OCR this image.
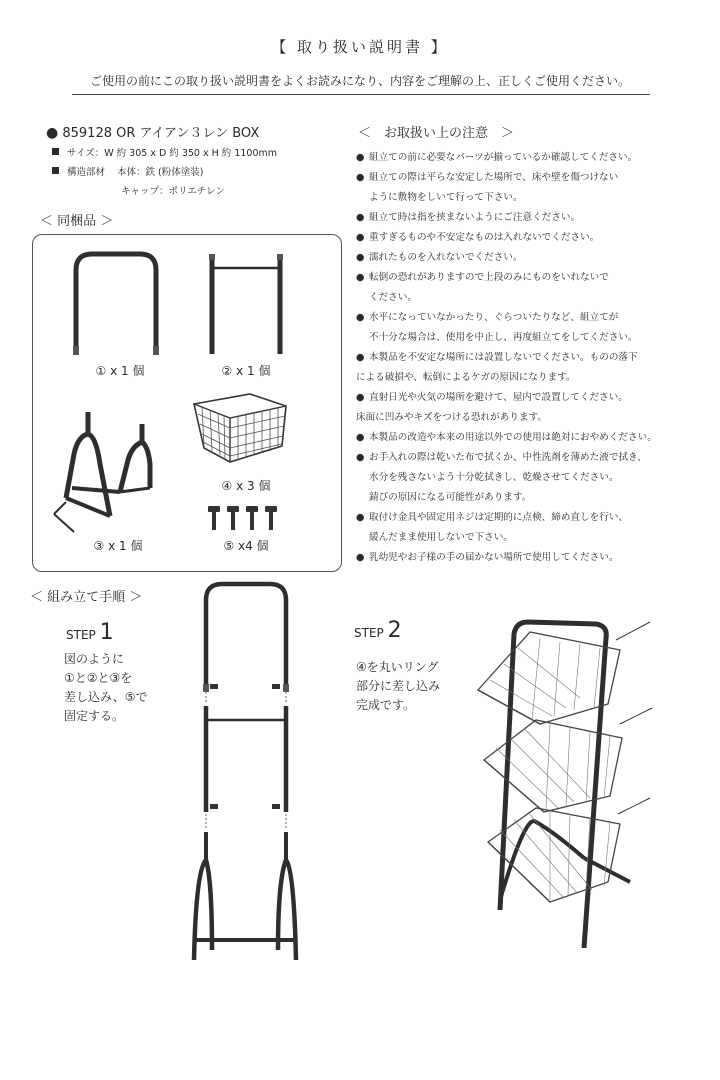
【 取り扱い説明書 】
ご使用の前にこの取り扱い説明書をよくお読みになり、内容をご理解の上、正しくご使用ください。
● 859128 OR アイアン３レン BOX
サイズ：W 約 305 x D 約 350 x H 約 1100mm
構造部材 本体：鉄 (粉体塗装)
キャップ：ポリエチレン
＜ 同梱品 ＞
① x 1 個	② x 1 個
④ x 3 個
③ x 1 個	⑤ x4 個
＜　お取扱い上の注意　＞
● 組立ての前に必要なパーツが揃っているか確認してください。
● 組立ての際は平らな安定した場所で、床や壁を傷つけない
ように敷物をしいて行って下さい。
● 組立て時は指を挟まないようにご注意ください。
● 重すぎるものや不安定なものは入れないでください。
● 濡れたものを入れないでください。
● 転倒の恐れがありますので上段のみにものをいれないで
ください。
● 水平になっていなかったり、ぐらついたりなど、組立てが
不十分な場合は、使用を中止し、再度組立てをしてください。
● 本製品を不安定な場所には設置しないでください。ものの落下
による破損や、転倒によるケガの原因になります。
● 直射日光や火気の場所を避けて、屋内で設置してください。
床面に凹みやキズをつける恐れがあります。
● 本製品の改造や本来の用途以外での使用は絶対におやめください。
● お手入れの際は乾いた布で拭くか、中性洗剤を薄めた液で拭き、
水分を残さないよう十分乾拭きし、乾燥させてください。
錆びの原因になる可能性があります。
● 取付け金具や固定用ネジは定期的に点検、締め直しを行い、
緩んだまま使用しないで下さい。
● 乳幼児やお子様の手の届かない場所で使用してください。
＜ 組み立て手順 ＞
STEP 1
図のように
①と②と③を
差し込み、⑤で
固定する。
STEP 2
④を丸いリング
部分に差し込み
完成です。
